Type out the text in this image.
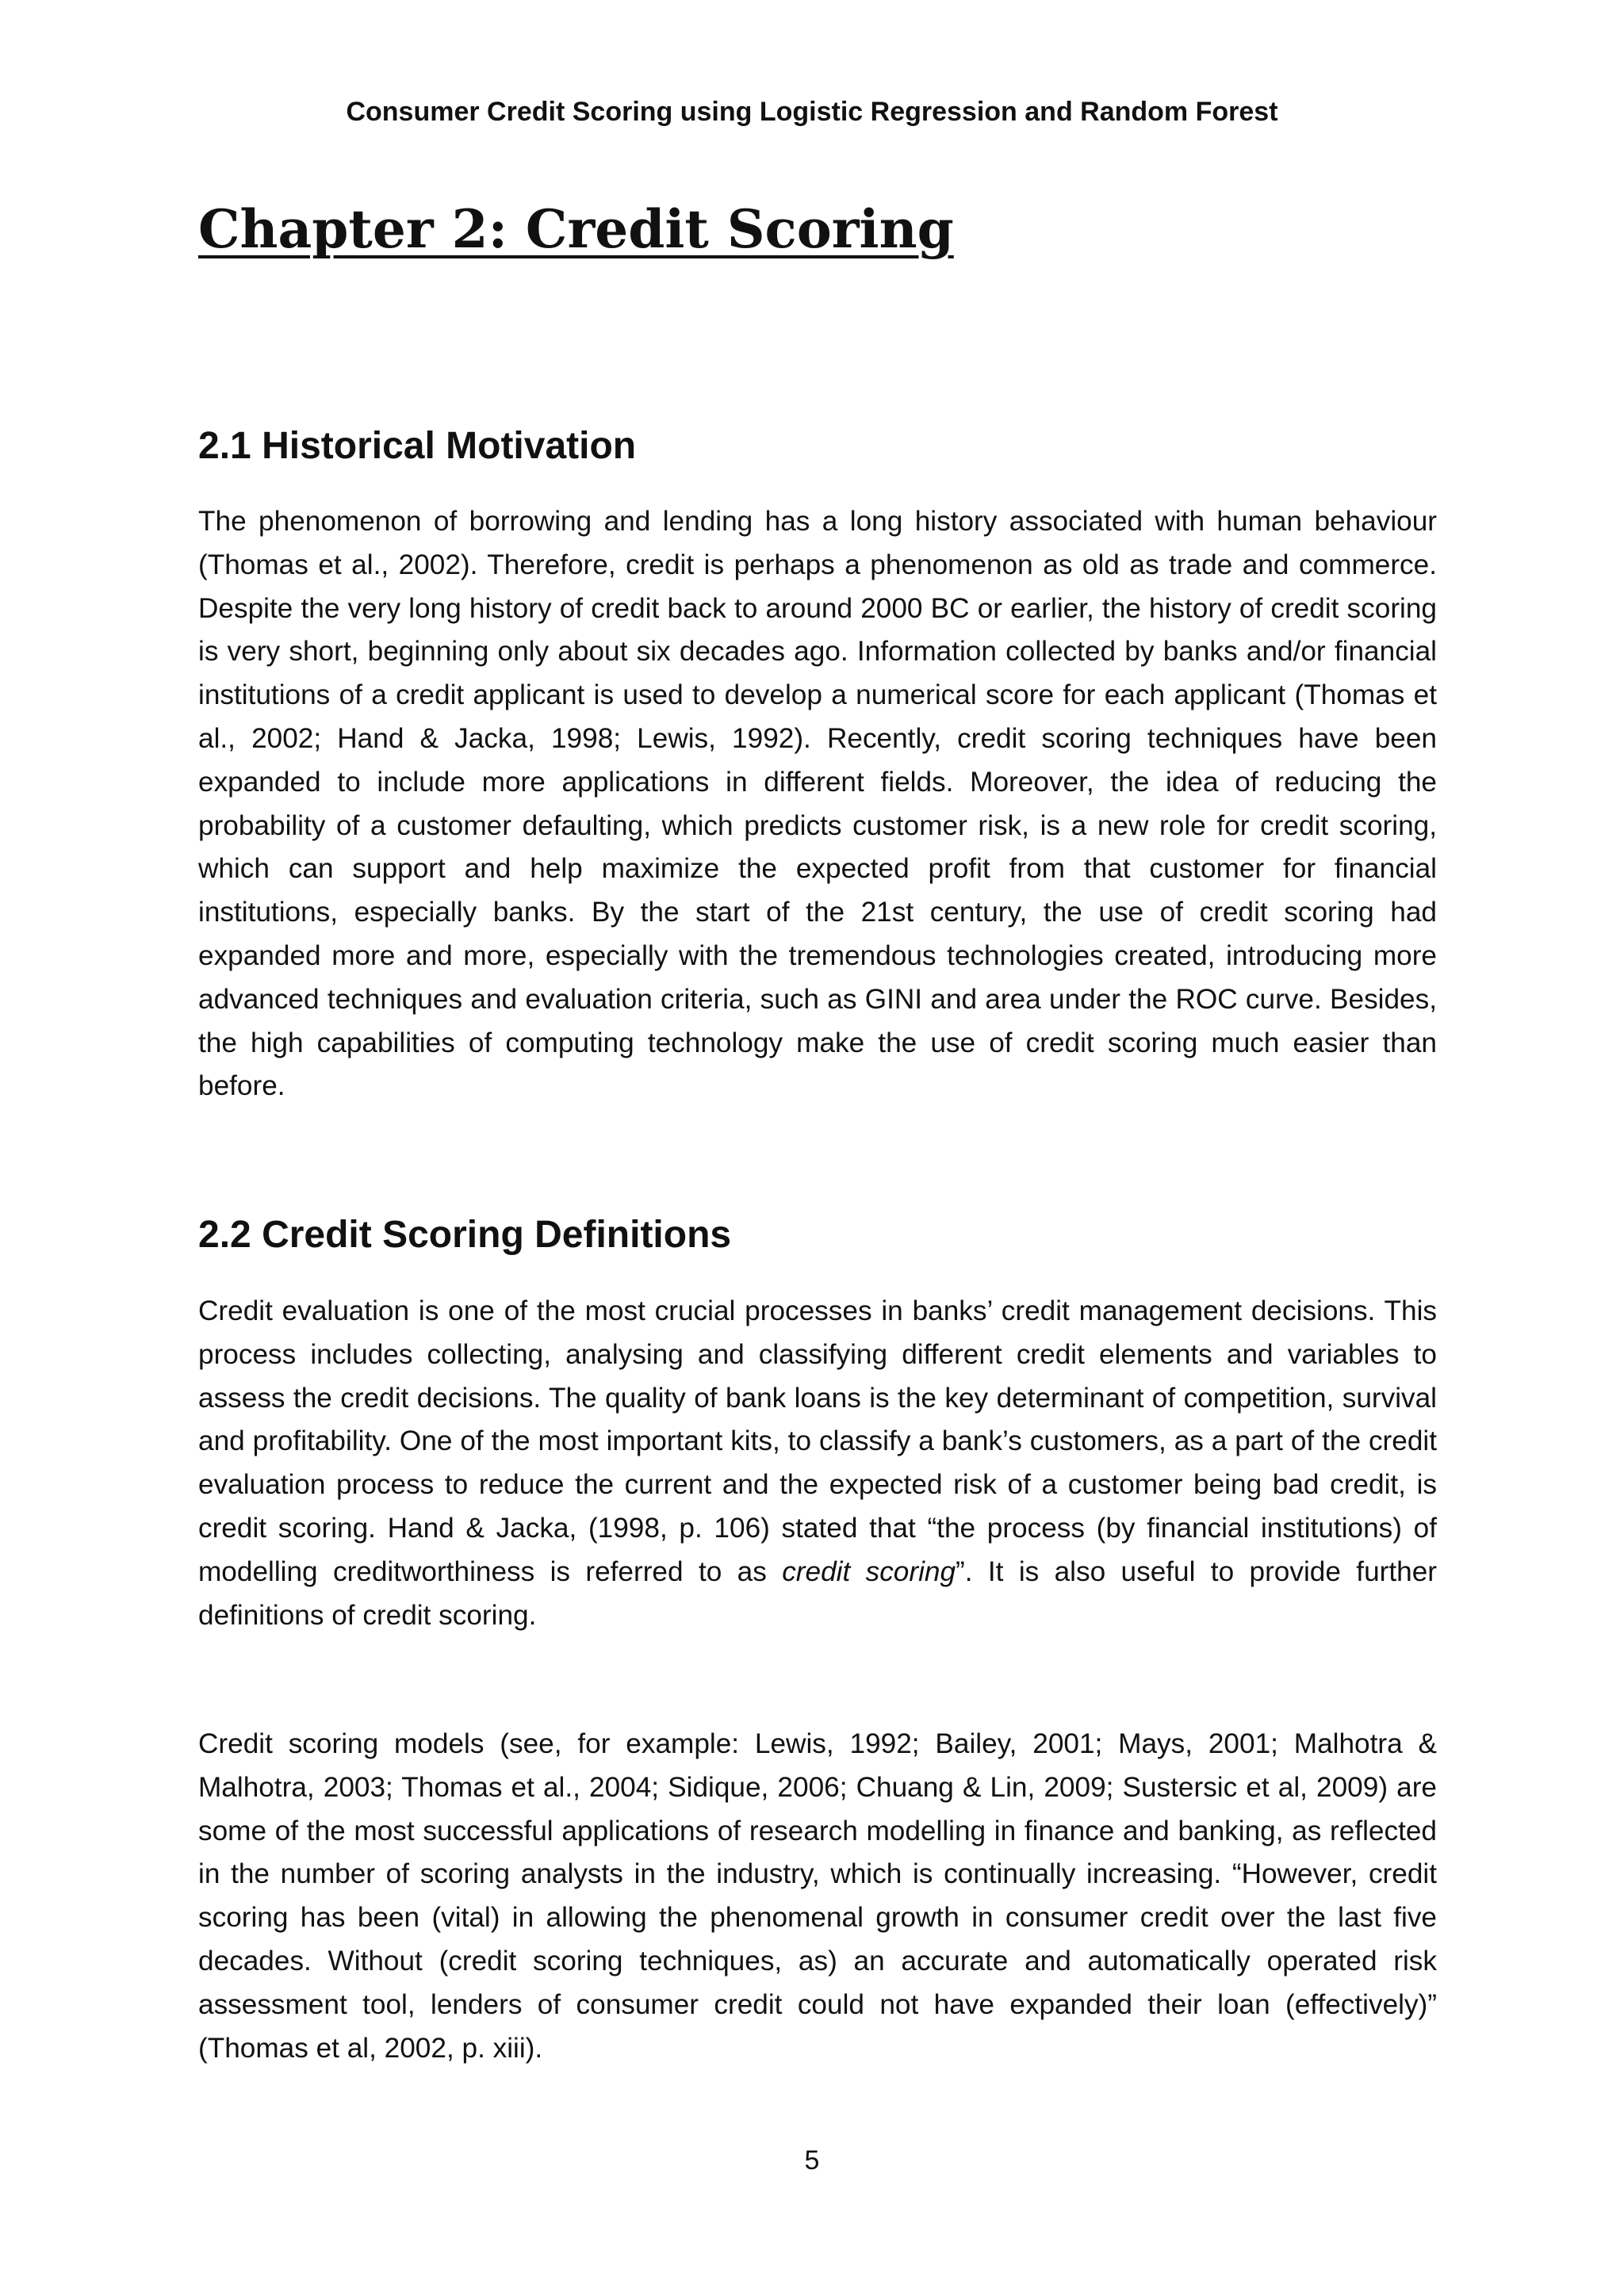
Consumer Credit Scoring using Logistic Regression and Random Forest
Chapter 2: Credit Scoring
2.1 Historical Motivation

The phenomenon of borrowing and lending has a long history associated with human behaviour (Thomas et al., 2002). Therefore, credit is perhaps a phenomenon as old as trade and commerce. Despite the very long history of credit back to around 2000 BC or earlier, the history of credit scoring is very short, beginning only about six decades ago. Information collected by banks and/or financial institutions of a credit applicant is used to develop a numerical score for each applicant (Thomas et al., 2002; Hand & Jacka, 1998; Lewis, 1992). Recently, credit scoring techniques have been expanded to include more applications in different fields. Moreover, the idea of reducing the probability of a customer defaulting, which predicts customer risk, is a new role for credit scoring, which can support and help maximize the expected profit from that customer for financial institutions, especially banks. By the start of the 21st century, the use of credit scoring had expanded more and more, especially with the tremendous technologies created, introducing more advanced techniques and evaluation criteria, such as GINI and area under the ROC curve. Besides, the high capabilities of computing technology make the use of credit scoring much easier than before.

2.2 Credit Scoring Definitions

Credit evaluation is one of the most crucial processes in banks’ credit management decisions. This process includes collecting, analysing and classifying different credit elements and variables to assess the credit decisions. The quality of bank loans is the key determinant of competition, survival and profitability. One of the most important kits, to classify a bank’s customers, as a part of the credit evaluation process to reduce the current and the expected risk of a customer being bad credit, is credit scoring. Hand & Jacka, (1998, p. 106) stated that “the process (by financial institutions) of modelling creditworthiness is referred to as credit scoring”. It is also useful to provide further definitions of credit scoring.

Credit scoring models (see, for example: Lewis, 1992; Bailey, 2001; Mays, 2001; Malhotra & Malhotra, 2003; Thomas et al., 2004; Sidique, 2006; Chuang & Lin, 2009; Sustersic et al, 2009) are some of the most successful applications of research modelling in finance and banking, as reflected in the number of scoring analysts in the industry, which is continually increasing. “However, credit scoring has been (vital) in allowing the phenomenal growth in consumer credit over the last five decades. Without (credit scoring techniques, as) an accurate and automatically operated risk assessment tool, lenders of consumer credit could not have expanded their loan (effectively)” (Thomas et al, 2002, p. xiii).

5
